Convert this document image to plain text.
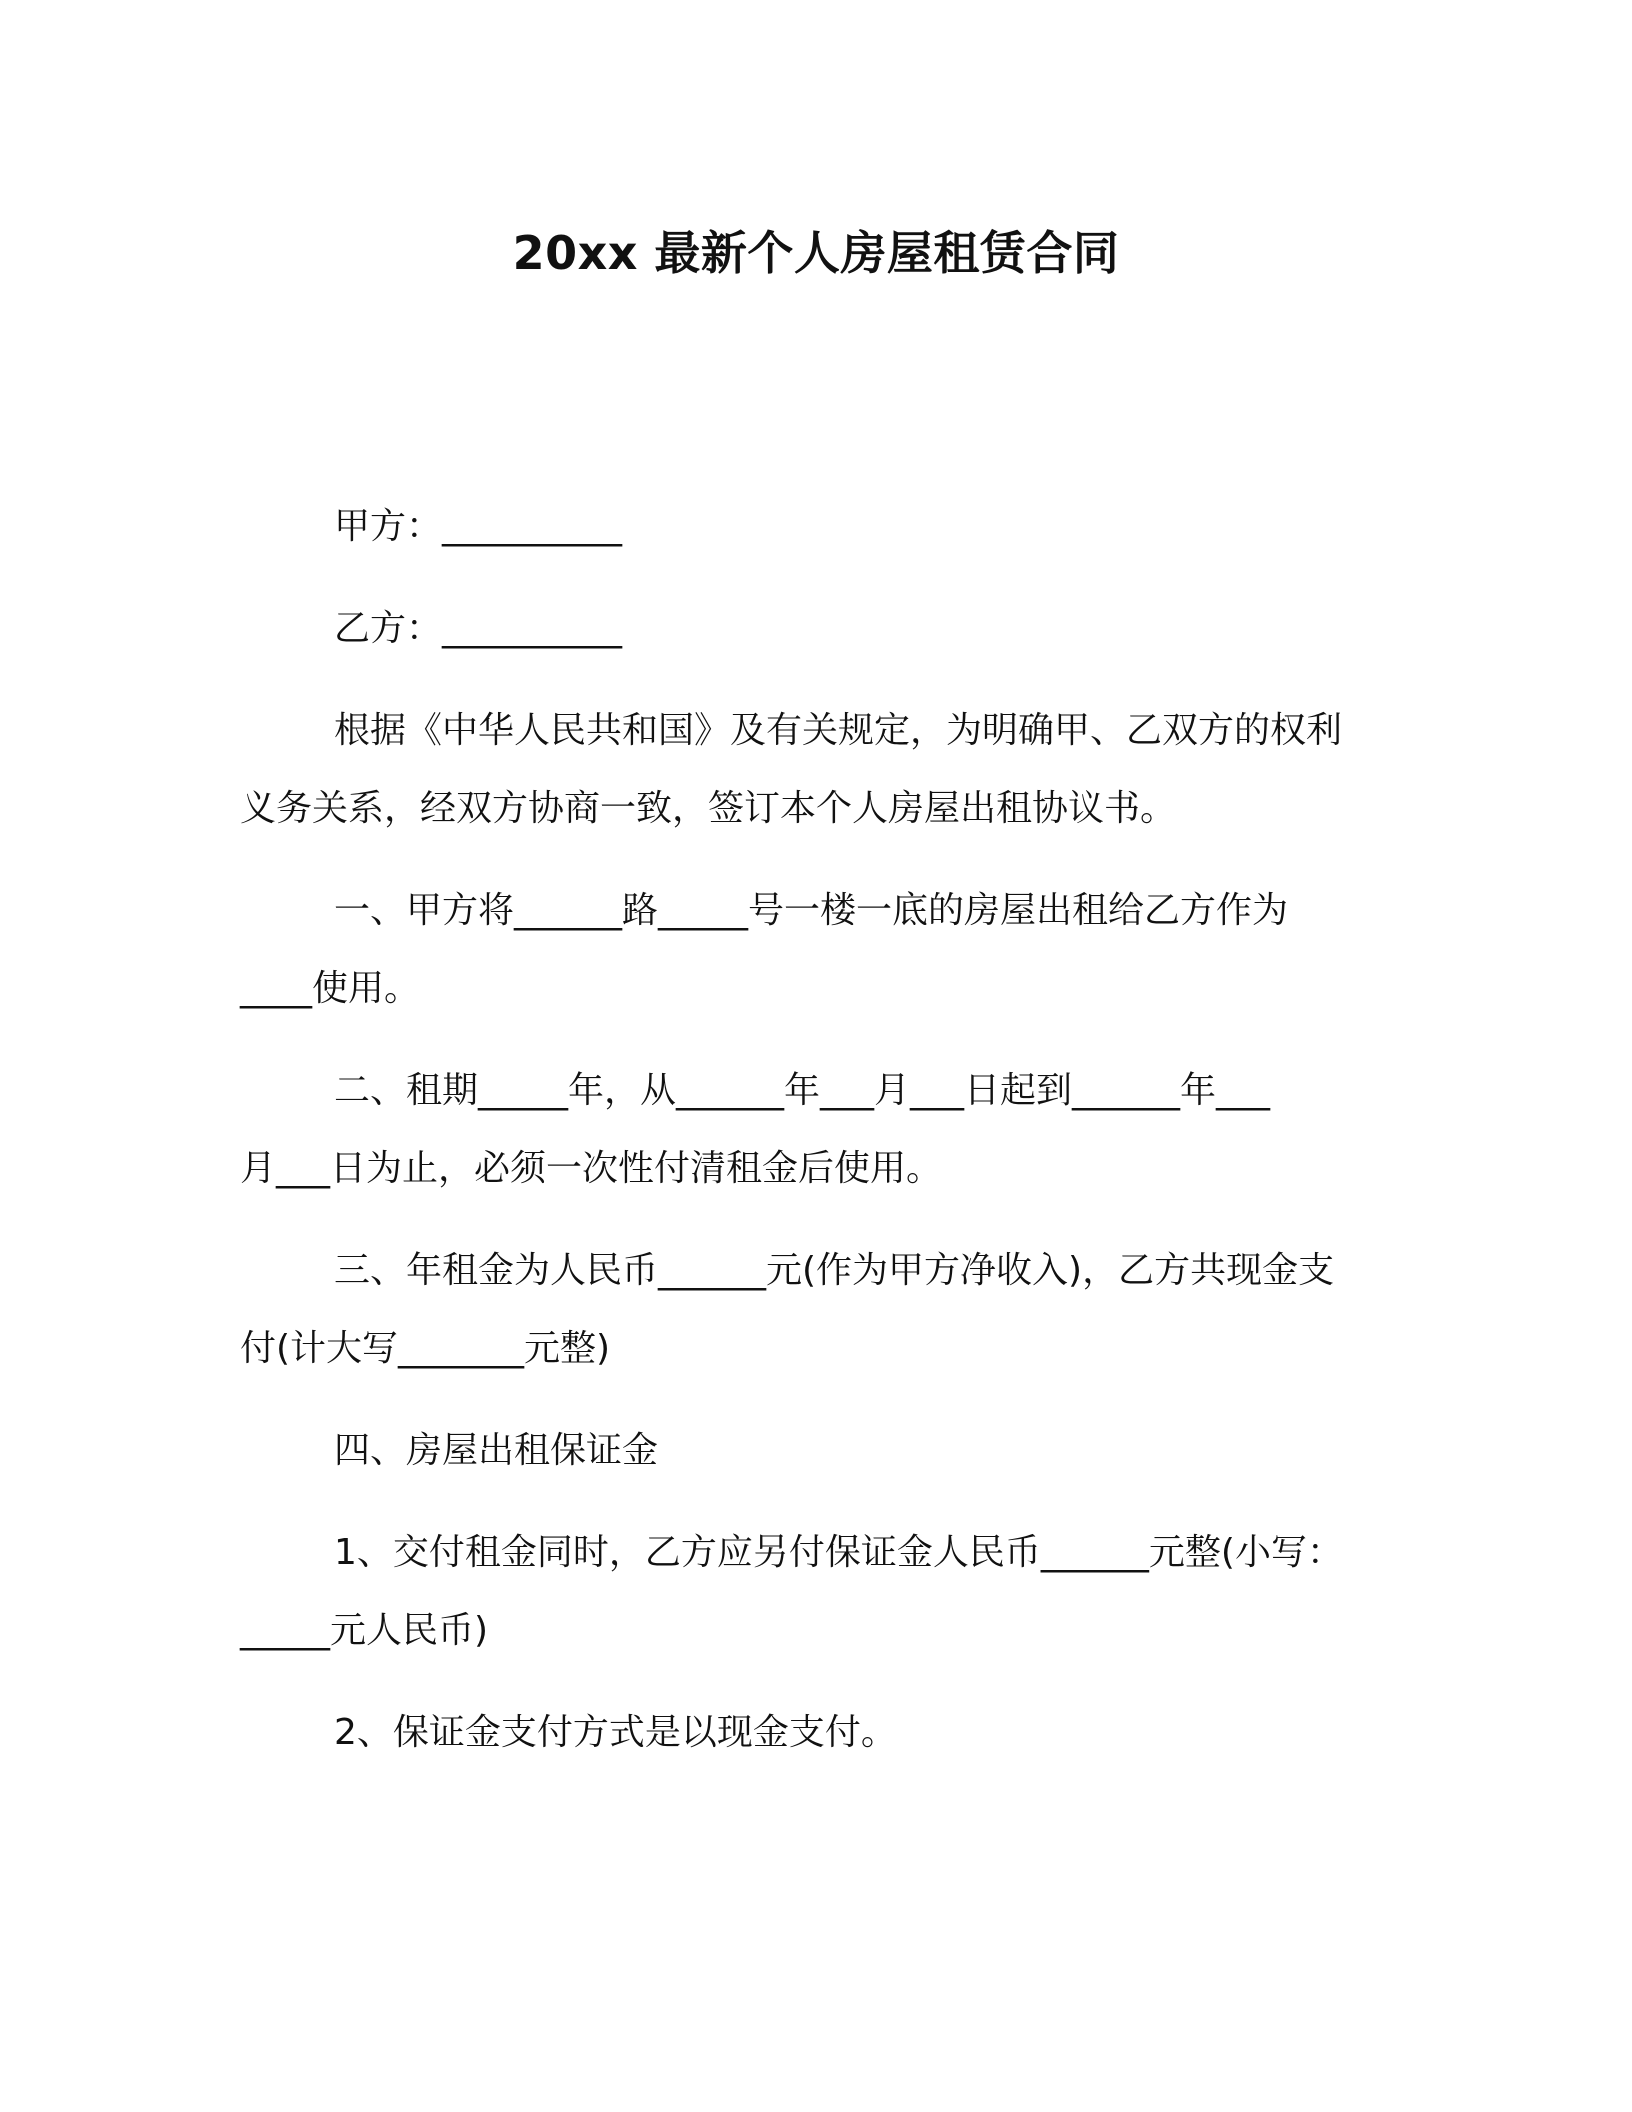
20xx 最新个人房屋租赁合同

甲方：__________

乙方：__________

根据《中华人民共和国》及有关规定，为明确甲、乙双方的权利
义务关系，经双方协商一致，签订本个人房屋出租协议书。
一、甲方将______路_____号一楼一底的房屋出租给乙方作为
____使用。
二、租期_____年，从______年___月___日起到______年___
月___日为止，必须一次性付清租金后使用。
三、年租金为人民币______元(作为甲方净收入)，乙方共现金支
付(计大写_______元整)

四、房屋出租保证金

1、交付租金同时，乙方应另付保证金人民币______元整(小写：
_____元人民币)

2、保证金支付方式是以现金支付。
